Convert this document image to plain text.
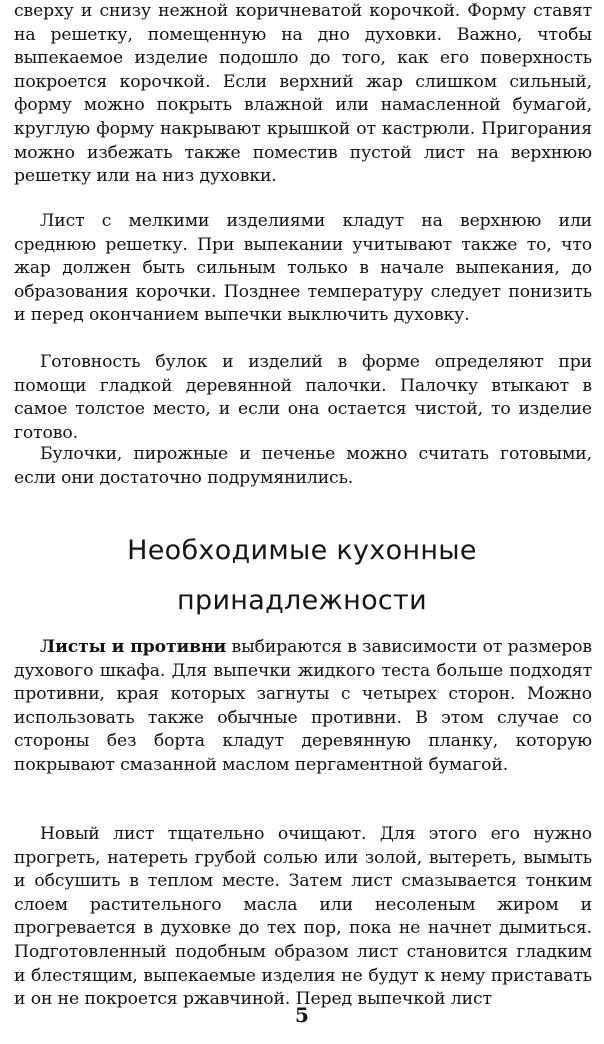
сверху и снизу нежной коричневатой корочкой. Форму ставят на решетку, помещенную на дно духовки. Важно, чтобы выпекаемое изделие подошло до того, как его поверхность покроется корочкой. Если верхний жар слишком сильный, форму можно покрыть влажной или намасленной бумагой, круглую форму накрывают крышкой от кастрюли. Пригорания можно избежать также поместив пустой лист на верхнюю решетку или на низ духовки.

Лист с мелкими изделиями кладут на верхнюю или среднюю решетку. При выпекании учитывают также то, что жар должен быть сильным только в начале выпекания, до образования корочки. Позднее температуру следует понизить и перед окончанием выпечки выключить духовку.

Готовность булок и изделий в форме определяют при помощи гладкой деревянной палочки. Палочку втыкают в самое толстое место, и если она остается чистой, то изделие готово.

Булочки, пирожные и печенье можно считать готовыми, если они достаточно подрумянились.

Необходимые кухонные
принадлежности

Листы и противни выбираются в зависимости от размеров духового шкафа. Для выпечки жидкого теста больше подходят противни, края которых загнуты с четырех сторон. Можно использовать также обычные противни. В этом случае со стороны без борта кладут деревянную планку, которую покрывают смазанной маслом пергаментной бумагой.

Новый лист тщательно очищают. Для этого его нужно прогреть, натереть грубой солью или золой, вытереть, вымыть и обсушить в теплом месте. Затем лист смазывается тонким слоем растительного масла или несоленым жиром и прогревается в духовке до тех пор, пока не начнет дымиться. Подготовленный подобным образом лист становится гладким и блестящим, выпекаемые изделия не будут к нему приставать и он не покроется ржавчиной. Перед выпечкой лист

5
